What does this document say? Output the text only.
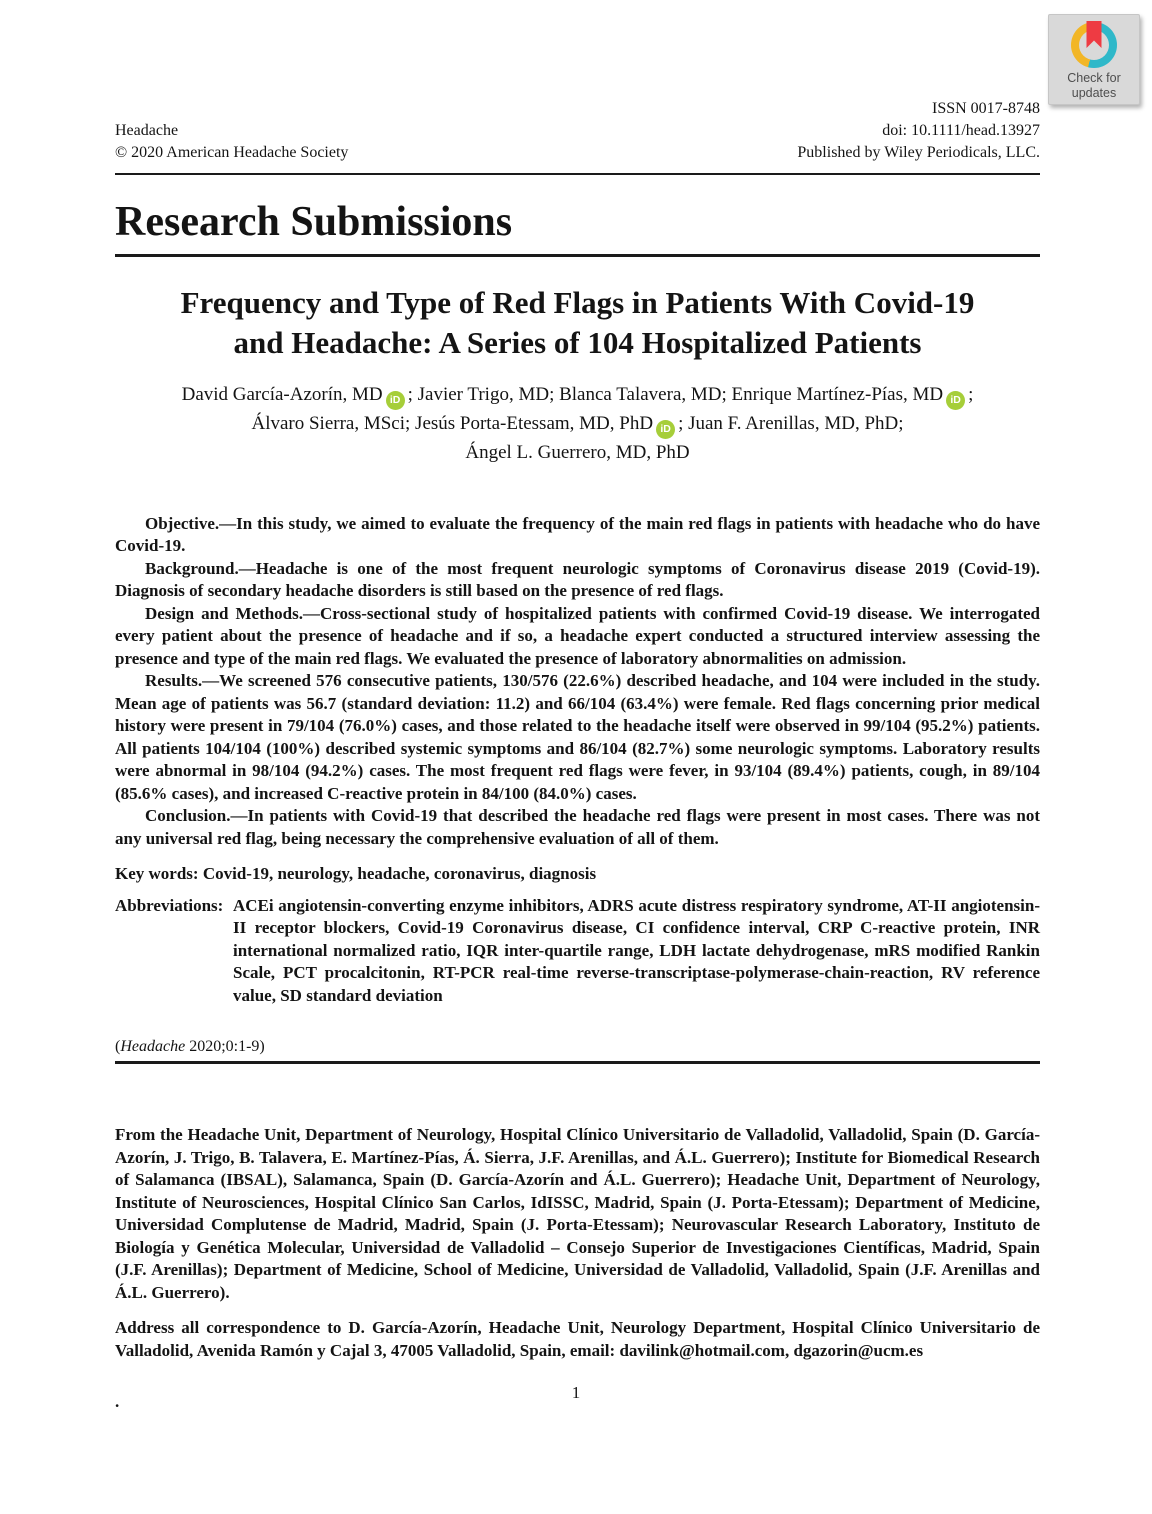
Check for
updates
Headache
© 2020 American Headache Society
ISSN 0017-8748
doi: 10.1111/head.13927
Published by Wiley Periodicals, LLC.
Research Submissions
Frequency and Type of Red Flags in Patients With Covid-19
and Headache: A Series of 104 Hospitalized Patients
David García-Azorín, MD iD ; Javier Trigo, MD; Blanca Talavera, MD; Enrique Martínez-Pías, MD iD ;
Álvaro Sierra, MSci; Jesús Porta-Etessam, MD, PhD iD ; Juan F. Arenillas, MD, PhD;
Ángel L. Guerrero, MD, PhD

Objective.—In this study, we aimed to evaluate the frequency of the main red flags in patients with headache who do have Covid-19.

Background.—Headache is one of the most frequent neurologic symptoms of Coronavirus disease 2019 (Covid-19). Diagnosis of secondary headache disorders is still based on the presence of red flags.

Design and Methods.—Cross-sectional study of hospitalized patients with confirmed Covid-19 disease. We interrogated every patient about the presence of headache and if so, a headache expert conducted a structured interview assessing the presence and type of the main red flags. We evaluated the presence of laboratory abnormalities on admission.

Results.—We screened 576 consecutive patients, 130/576 (22.6%) described headache, and 104 were included in the study. Mean age of patients was 56.7 (standard deviation: 11.2) and 66/104 (63.4%) were female. Red flags concerning prior medical history were present in 79/104 (76.0%) cases, and those related to the headache itself were observed in 99/104 (95.2%) patients. All patients 104/104 (100%) described systemic symptoms and 86/104 (82.7%) some neurologic symptoms. Laboratory results were abnormal in 98/104 (94.2%) cases. The most frequent red flags were fever, in 93/104 (89.4%) patients, cough, in 89/104 (85.6% cases), and increased C-reactive protein in 84/100 (84.0%) cases.

Conclusion.—In patients with Covid-19 that described the headache red flags were present in most cases. There was not any universal red flag, being necessary the comprehensive evaluation of all of them.

Key words: Covid-19, neurology, headache, coronavirus, diagnosis

Abbreviations: ACEi angiotensin-converting enzyme inhibitors, ADRS acute distress respiratory syndrome, AT-II angiotensin-II receptor blockers, Covid-19 Coronavirus disease, CI confidence interval, CRP C-reactive protein, INR international normalized ratio, IQR inter-quartile range, LDH lactate dehydrogenase, mRS modified Rankin Scale, PCT procalcitonin, RT-PCR real-time reverse-transcriptase-polymerase-chain-reaction, RV reference value, SD standard deviation

(Headache 2020;0:1-9)

From the Headache Unit, Department of Neurology, Hospital Clínico Universitario de Valladolid, Valladolid, Spain (D. García-Azorín, J. Trigo, B. Talavera, E. Martínez-Pías, Á. Sierra, J.F. Arenillas, and Á.L. Guerrero); Institute for Biomedical Research of Salamanca (IBSAL), Salamanca, Spain (D. García-Azorín and Á.L. Guerrero); Headache Unit, Department of Neurology, Institute of Neurosciences, Hospital Clínico San Carlos, IdISSC, Madrid, Spain (J. Porta-Etessam); Department of Medicine, Universidad Complutense de Madrid, Madrid, Spain (J. Porta-Etessam); Neurovascular Research Laboratory, Instituto de Biología y Genética Molecular, Universidad de Valladolid – Consejo Superior de Investigaciones Científicas, Madrid, Spain (J.F. Arenillas); Department of Medicine, School of Medicine, Universidad de Valladolid, Valladolid, Spain (J.F. Arenillas and Á.L. Guerrero).

Address all correspondence to D. García-Azorín, Headache Unit, Neurology Department, Hospital Clínico Universitario de Valladolid, Avenida Ramón y Cajal 3, 47005 Valladolid, Spain, email: davilink@hotmail.com, dgazorin@ucm.es

.	1
